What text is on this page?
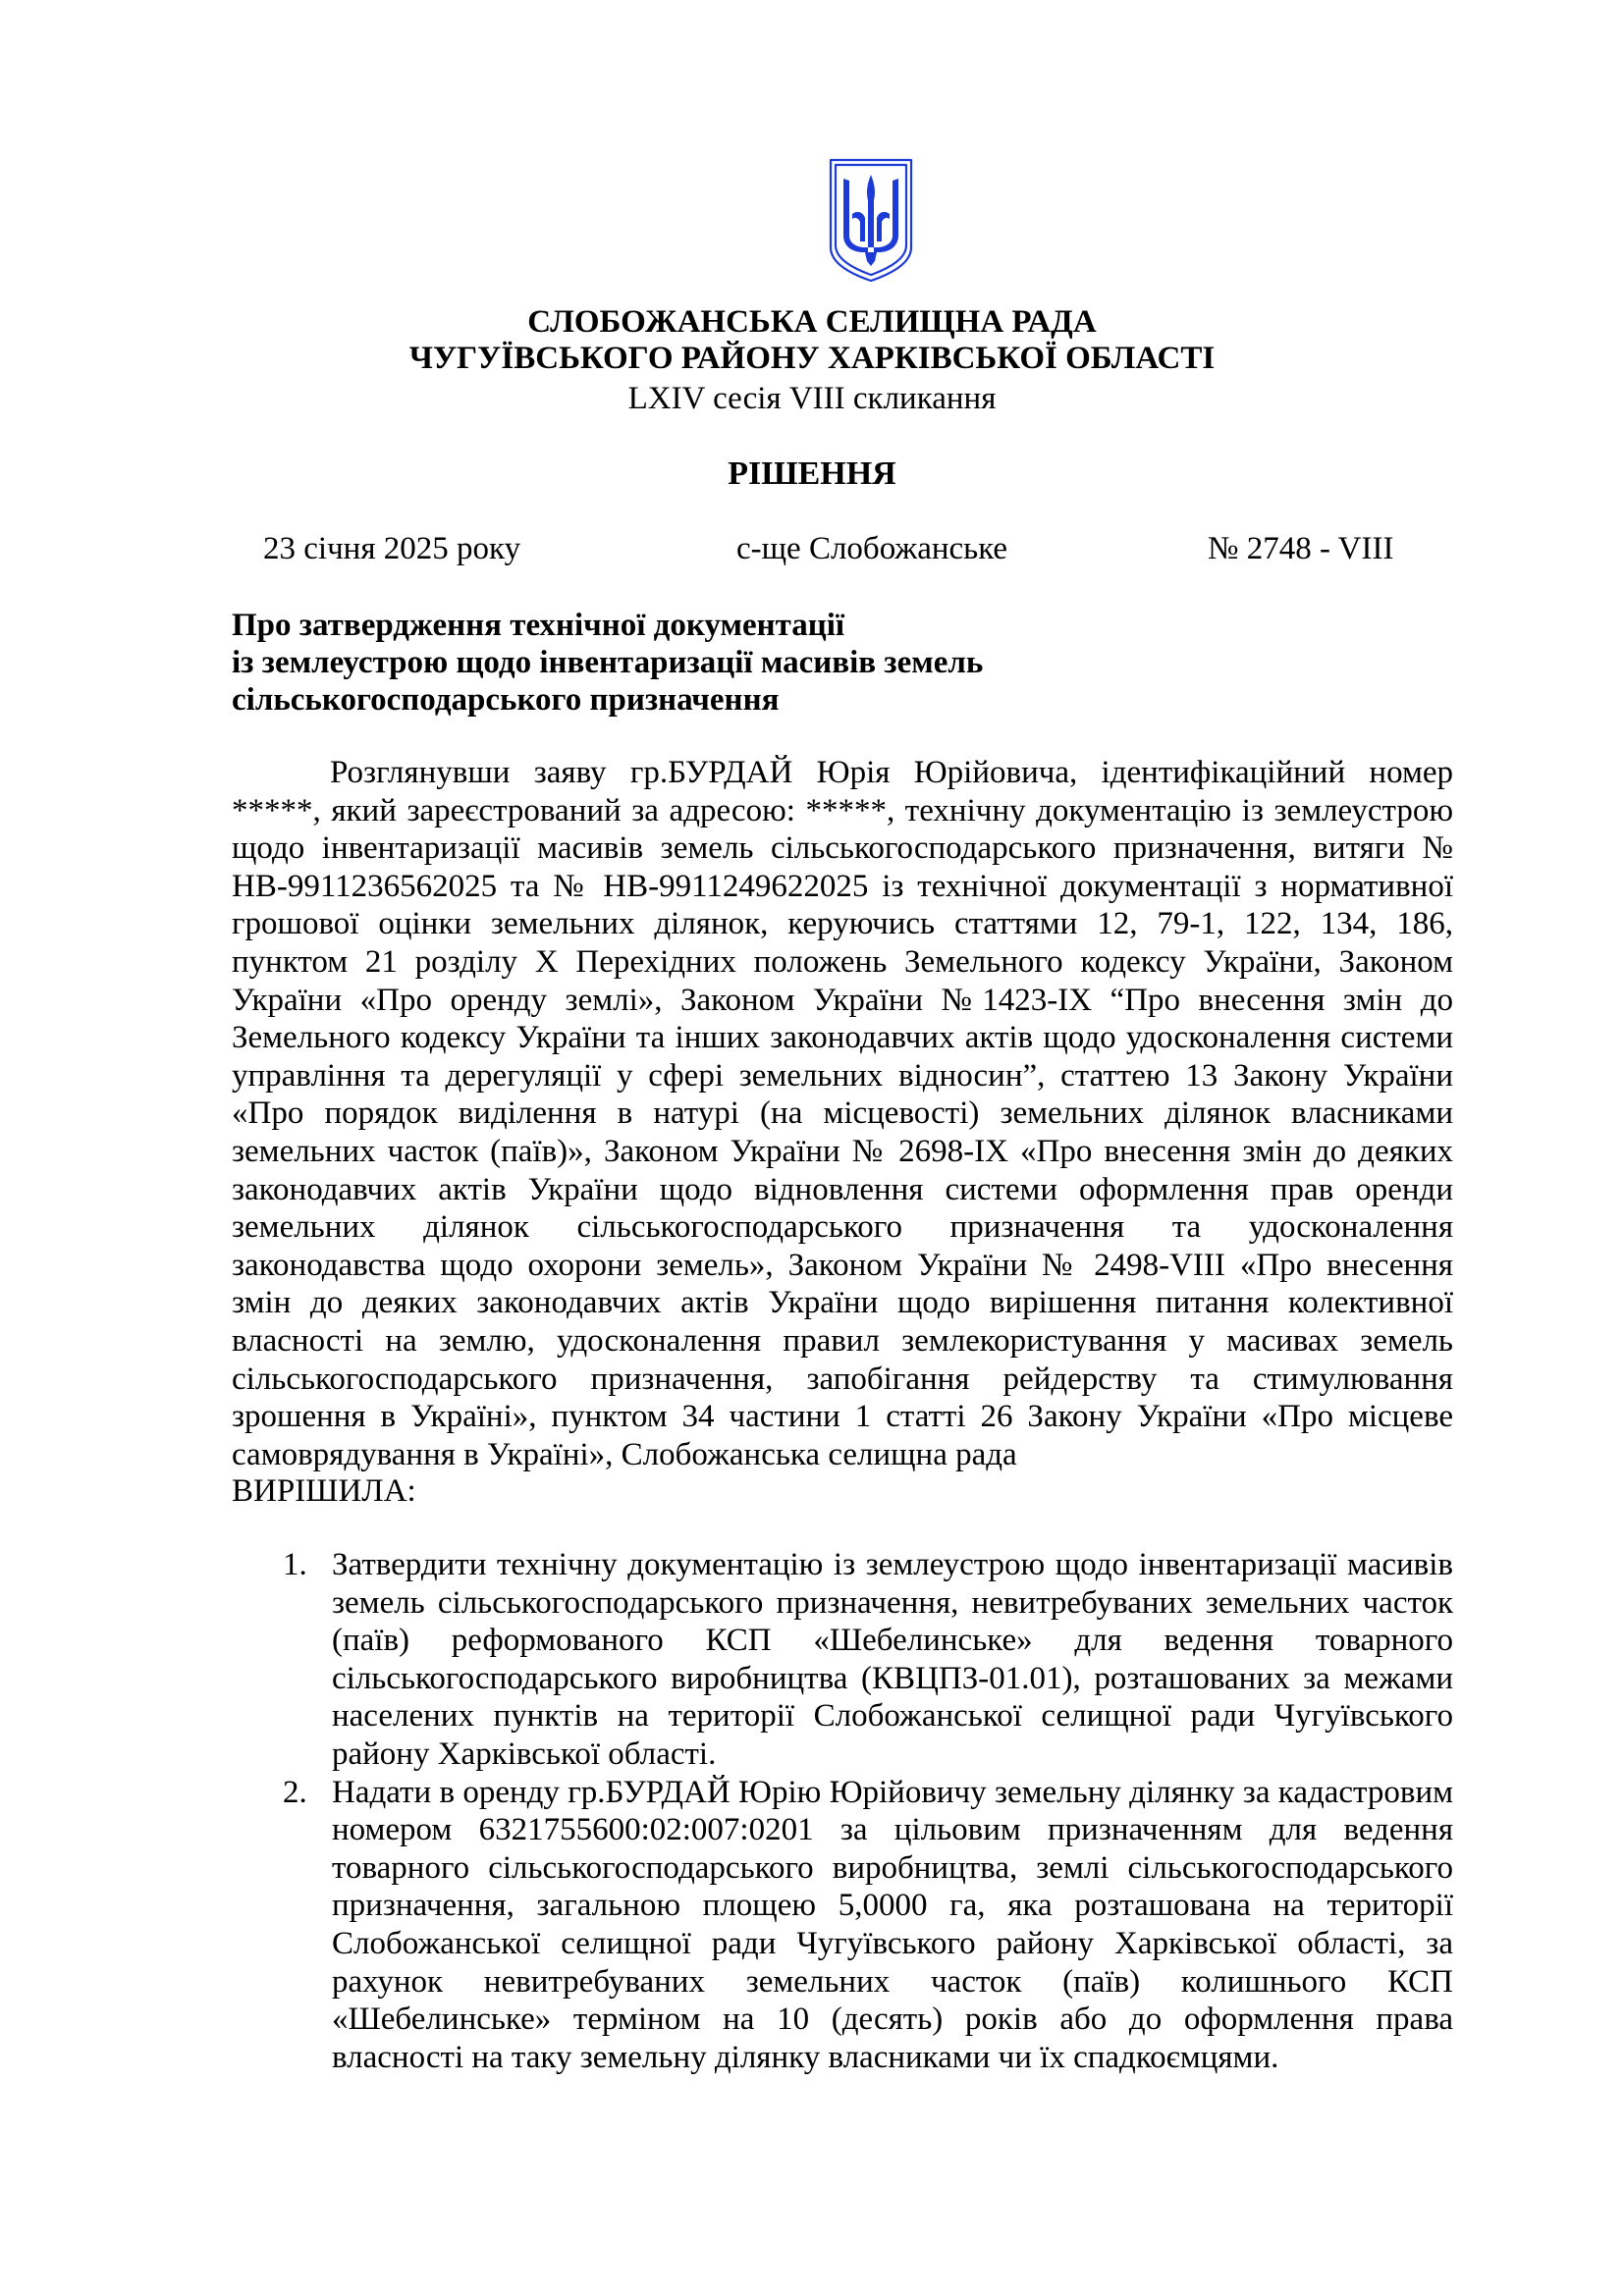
СЛОБОЖАНСЬКА СЕЛИЩНА РАДА
ЧУГУЇВСЬКОГО РАЙОНУ ХАРКІВСЬКОЇ ОБЛАСТІ
LXIV сесія VIII скликання
РІШЕННЯ
23 січня 2025 року	с-ще Слобожанське	№ 2748 - VIII
Про затвердження технічної документації
із землеустрою щодо інвентаризації масивів земель
сільськогосподарського призначення

Розглянувши заяву гр.БУРДАЙ Юрія Юрійовича, ідентифікаційний номер *****, який зареєстрований за адресою: *****, технічну документацію із землеустрою щодо інвентаризації масивів земель сільськогосподарського призначення, витяги № НВ-9911236562025 та № НВ-9911249622025 із технічної документації з нормативної грошової оцінки земельних ділянок, керуючись статтями 12, 79-1, 122, 134, 186, пунктом 21 розділу Х Перехідних положень Земельного кодексу України, Законом України «Про оренду землі», Законом України №1423-IX “Про внесення змін до Земельного кодексу України та інших законодавчих актів щодо удосконалення системи управління та дерегуляції у сфері земельних відносин”, статтею 13 Закону України «Про порядок виділення в натурі (на місцевості) земельних ділянок власниками земельних часток (паїв)», Законом України № 2698-IX «Про внесення змін до деяких законодавчих актів України щодо відновлення системи оформлення прав оренди земельних ділянок сільськогосподарського призначення та удосконалення законодавства щодо охорони земель», Законом України № 2498-VIII «Про внесення змін до деяких законодавчих актів України щодо вирішення питання колективної власності на землю, удосконалення правил землекористування у масивах земель сільськогосподарського призначення, запобігання рейдерству та стимулювання зрошення в Україні», пунктом 34 частини 1 статті 26 Закону України «Про місцеве самоврядування в Україні», Слобожанська селищна рада

ВИРІШИЛА:
1. Затвердити технічну документацію із землеустрою щодо інвентаризації масивів земель сільськогосподарського призначення, невитребуваних земельних часток (паїв) реформованого КСП «Шебелинське» для ведення товарного сільськогосподарського виробництва (КВЦПЗ-01.01), розташованих за межами населених пунктів на території Слобожанської селищної ради Чугуївського району Харківської області.
2. Надати в оренду гр.БУРДАЙ Юрію Юрійовичу земельну ділянку за кадастровим номером 6321755600:02:007:0201 за цільовим призначенням для ведення товарного сільськогосподарського виробництва, землі сільськогосподарського призначення, загальною площею 5,0000 га, яка розташована на території Слобожанської селищної ради Чугуївського району Харківської області, за рахунок невитребуваних земельних часток (паїв) колишнього КСП «Шебелинське» терміном на 10 (десять) років або до оформлення права власності на таку земельну ділянку власниками чи їх спадкоємцями.
